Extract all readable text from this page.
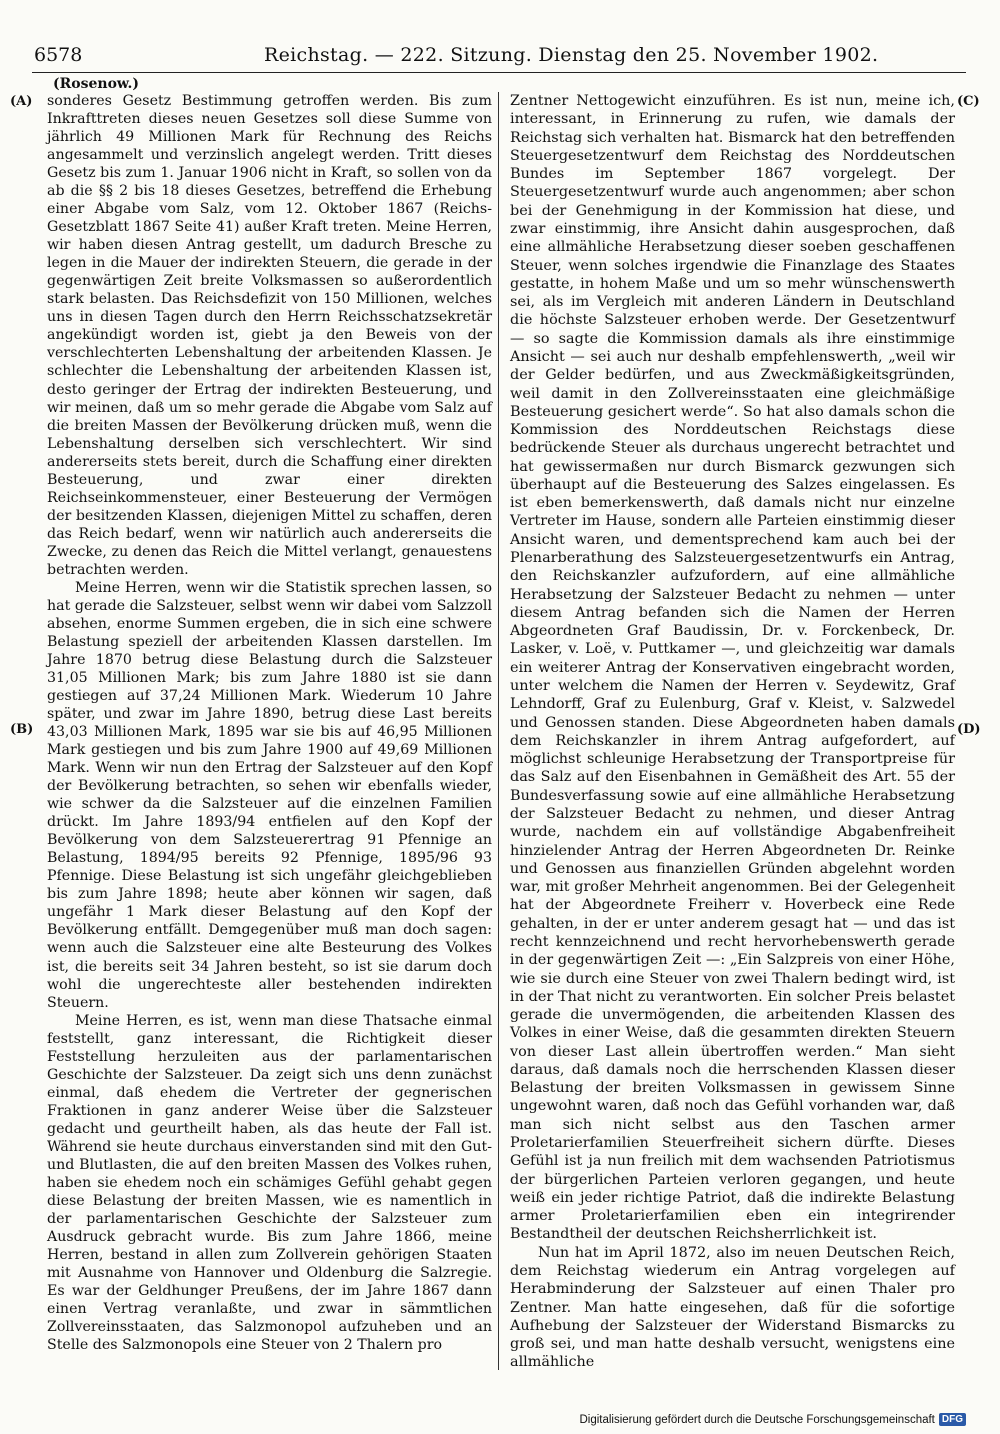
6578	Reichstag. — 222. Sitzung. Dienstag den 25. November 1902.
(Rosenow.)
(A)
(B)
(C)
(D)

sonderes Gesetz Bestimmung getroffen werden. Bis zum Inkrafttreten dieses neuen Gesetzes soll diese Summe von jährlich 49 Millionen Mark für Rechnung des Reichs angesammelt und verzinslich angelegt werden. Tritt dieses Gesetz bis zum 1. Januar 1906 nicht in Kraft, so sollen von da ab die §§ 2 bis 18 dieses Gesetzes, betreffend die Erhebung einer Abgabe vom Salz, vom 12. Oktober 1867 (Reichs-Gesetzblatt 1867 Seite 41) außer Kraft treten. Meine Herren, wir haben diesen Antrag gestellt, um dadurch Bresche zu legen in die Mauer der indirekten Steuern, die gerade in der gegenwärtigen Zeit breite Volksmassen so außerordentlich stark belasten. Das Reichsdefizit von 150 Millionen, welches uns in diesen Tagen durch den Herrn Reichsschatzsekretär angekündigt worden ist, giebt ja den Beweis von der verschlechterten Lebenshaltung der arbeitenden Klassen. Je schlechter die Lebenshaltung der arbeitenden Klassen ist, desto geringer der Ertrag der indirekten Besteuerung, und wir meinen, daß um so mehr gerade die Abgabe vom Salz auf die breiten Massen der Bevölkerung drücken muß, wenn die Lebenshaltung derselben sich verschlechtert. Wir sind andererseits stets bereit, durch die Schaffung einer direkten Besteuerung, und zwar einer direkten Reichseinkommensteuer, einer Besteuerung der Vermögen der besitzenden Klassen, diejenigen Mittel zu schaffen, deren das Reich bedarf, wenn wir natürlich auch andererseits die Zwecke, zu denen das Reich die Mittel verlangt, genauestens betrachten werden.

Meine Herren, wenn wir die Statistik sprechen lassen, so hat gerade die Salzsteuer, selbst wenn wir dabei vom Salzzoll absehen, enorme Summen ergeben, die in sich eine schwere Belastung speziell der arbeitenden Klassen darstellen. Im Jahre 1870 betrug diese Belastung durch die Salzsteuer 31,05 Millionen Mark; bis zum Jahre 1880 ist sie dann gestiegen auf 37,24 Millionen Mark. Wiederum 10 Jahre später, und zwar im Jahre 1890, betrug diese Last bereits 43,03 Millionen Mark, 1895 war sie bis auf 46,95 Millionen Mark gestiegen und bis zum Jahre 1900 auf 49,69 Millionen Mark. Wenn wir nun den Ertrag der Salzsteuer auf den Kopf der Bevölkerung betrachten, so sehen wir ebenfalls wieder, wie schwer da die Salzsteuer auf die einzelnen Familien drückt. Im Jahre 1893/94 entfielen auf den Kopf der Bevölkerung von dem Salzsteuerertrag 91 Pfennige an Belastung, 1894/95 bereits 92 Pfennige, 1895/96 93 Pfennige. Diese Belastung ist sich ungefähr gleichgeblieben bis zum Jahre 1898; heute aber können wir sagen, daß ungefähr 1 Mark dieser Belastung auf den Kopf der Bevölkerung entfällt. Demgegenüber muß man doch sagen: wenn auch die Salzsteuer eine alte Besteurung des Volkes ist, die bereits seit 34 Jahren besteht, so ist sie darum doch wohl die ungerechteste aller bestehenden indirekten Steuern.

Meine Herren, es ist, wenn man diese Thatsache einmal feststellt, ganz interessant, die Richtigkeit dieser Feststellung herzuleiten aus der parlamentarischen Geschichte der Salzsteuer. Da zeigt sich uns denn zunächst einmal, daß ehedem die Vertreter der gegnerischen Fraktionen in ganz anderer Weise über die Salzsteuer gedacht und geurtheilt haben, als das heute der Fall ist. Während sie heute durchaus einverstanden sind mit den Gut- und Blutlasten, die auf den breiten Massen des Volkes ruhen, haben sie ehedem noch ein schämiges Gefühl gehabt gegen diese Belastung der breiten Massen, wie es namentlich in der parlamentarischen Geschichte der Salzsteuer zum Ausdruck gebracht wurde. Bis zum Jahre 1866, meine Herren, bestand in allen zum Zollverein gehörigen Staaten mit Ausnahme von Hannover und Oldenburg die Salzregie. Es war der Geldhunger Preußens, der im Jahre 1867 dann einen Vertrag veranlaßte, und zwar in sämmtlichen Zollvereinsstaaten, das Salzmonopol aufzuheben und an Stelle des Salzmonopols eine Steuer von 2 Thalern pro

Zentner Nettogewicht einzuführen. Es ist nun, meine ich, interessant, in Erinnerung zu rufen, wie damals der Reichstag sich verhalten hat. Bismarck hat den betreffenden Steuergesetzentwurf dem Reichstag des Norddeutschen Bundes im September 1867 vorgelegt. Der Steuergesetzentwurf wurde auch angenommen; aber schon bei der Genehmigung in der Kommission hat diese, und zwar einstimmig, ihre Ansicht dahin ausgesprochen, daß eine allmähliche Herabsetzung dieser soeben geschaffenen Steuer, wenn solches irgendwie die Finanzlage des Staates gestatte, in hohem Maße und um so mehr wünschenswerth sei, als im Vergleich mit anderen Ländern in Deutschland die höchste Salzsteuer erhoben werde. Der Gesetzentwurf — so sagte die Kommission damals als ihre einstimmige Ansicht — sei auch nur deshalb empfehlenswerth, „weil wir der Gelder bedürfen, und aus Zweckmäßigkeitsgründen, weil damit in den Zollvereinsstaaten eine gleichmäßige Besteuerung gesichert werde“. So hat also damals schon die Kommission des Norddeutschen Reichstags diese bedrückende Steuer als durchaus ungerecht betrachtet und hat gewissermaßen nur durch Bismarck gezwungen sich überhaupt auf die Besteuerung des Salzes eingelassen. Es ist eben bemerkenswerth, daß damals nicht nur einzelne Vertreter im Hause, sondern alle Parteien einstimmig dieser Ansicht waren, und dementsprechend kam auch bei der Plenarberathung des Salzsteuergesetzentwurfs ein Antrag, den Reichskanzler aufzufordern, auf eine allmähliche Herabsetzung der Salzsteuer Bedacht zu nehmen — unter diesem Antrag befanden sich die Namen der Herren Abgeordneten Graf Baudissin, Dr. v. Forckenbeck, Dr. Lasker, v. Loë, v. Puttkamer —, und gleichzeitig war damals ein weiterer Antrag der Konservativen eingebracht worden, unter welchem die Namen der Herren v. Seydewitz, Graf Lehndorff, Graf zu Eulenburg, Graf v. Kleist, v. Salzwedel und Genossen standen. Diese Abgeordneten haben damals dem Reichskanzler in ihrem Antrag aufgefordert, auf möglichst schleunige Herabsetzung der Transportpreise für das Salz auf den Eisenbahnen in Gemäßheit des Art. 55 der Bundesverfassung sowie auf eine allmähliche Herabsetzung der Salzsteuer Bedacht zu nehmen, und dieser Antrag wurde, nachdem ein auf vollständige Abgabenfreiheit hinzielender Antrag der Herren Abgeordneten Dr. Reinke und Genossen aus finanziellen Gründen abgelehnt worden war, mit großer Mehrheit angenommen. Bei der Gelegenheit hat der Abgeordnete Freiherr v. Hoverbeck eine Rede gehalten, in der er unter anderem gesagt hat — und das ist recht kennzeichnend und recht hervorhebenswerth gerade in der gegenwärtigen Zeit —: „Ein Salzpreis von einer Höhe, wie sie durch eine Steuer von zwei Thalern bedingt wird, ist in der That nicht zu verantworten. Ein solcher Preis belastet gerade die unvermögenden, die arbeitenden Klassen des Volkes in einer Weise, daß die gesammten direkten Steuern von dieser Last allein übertroffen werden.“ Man sieht daraus, daß damals noch die herrschenden Klassen dieser Belastung der breiten Volksmassen in gewissem Sinne ungewohnt waren, daß noch das Gefühl vorhanden war, daß man sich nicht selbst aus den Taschen armer Proletarierfamilien Steuerfreiheit sichern dürfte. Dieses Gefühl ist ja nun freilich mit dem wachsenden Patriotismus der bürgerlichen Parteien verloren gegangen, und heute weiß ein jeder richtige Patriot, daß die indirekte Belastung armer Proletarierfamilien eben ein integrirender Bestandtheil der deutschen Reichsherrlichkeit ist.

Nun hat im April 1872, also im neuen Deutschen Reich, dem Reichstag wiederum ein Antrag vorgelegen auf Herabminderung der Salzsteuer auf einen Thaler pro Zentner. Man hatte eingesehen, daß für die sofortige Aufhebung der Salzsteuer der Widerstand Bismarcks zu groß sei, und man hatte deshalb versucht, wenigstens eine allmähliche

Digitalisierung gefördert durch die Deutsche Forschungsgemeinschaft DFG
